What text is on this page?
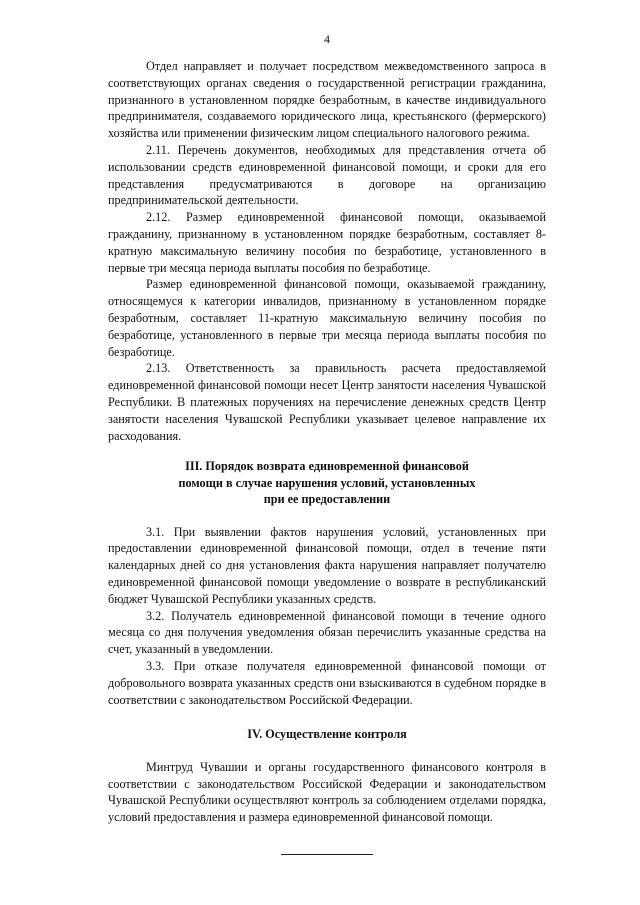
4

Отдел направляет и получает посредством межведомственного запроса в соответствующих органах сведения о государственной регистрации гражданина, признанного в установленном порядке безработным, в качестве индивидуального предпринимателя, создаваемого юридического лица, крестьянского (фермерского) хозяйства или применении физическим лицом специального налогового режима.

2.11. Перечень документов, необходимых для представления отчета об использовании средств единовременной финансовой помощи, и сроки для его представления предусматриваются в договоре на организацию предпринимательской деятельности.

2.12. Размер единовременной финансовой помощи, оказываемой гражданину, признанному в установленном порядке безработным, составляет 8-кратную максимальную величину пособия по безработице, установленного в первые три месяца периода выплаты пособия по безработице.

Размер единовременной финансовой помощи, оказываемой гражданину, относящемуся к категории инвалидов, признанному в установленном порядке безработным, составляет 11-кратную максимальную величину пособия по безработице, установленного в первые три месяца периода выплаты пособия по безработице.

2.13. Ответственность за правильность расчета предоставляемой единовременной финансовой помощи несет Центр занятости населения Чувашской Республики. В платежных поручениях на перечисление денежных средств Центр занятости населения Чувашской Республики указывает целевое направление их расходования.

III. Порядок возврата единовременной финансовой
помощи в случае нарушения условий, установленных
при ее предоставлении

3.1. При выявлении фактов нарушения условий, установленных при предоставлении единовременной финансовой помощи, отдел в течение пяти календарных дней со дня установления факта нарушения направляет получателю единовременной финансовой помощи уведомление о возврате в республиканский бюджет Чувашской Республики указанных средств.

3.2. Получатель единовременной финансовой помощи в течение одного месяца со дня получения уведомления обязан перечислить указанные средства на счет, указанный в уведомлении.

3.3. При отказе получателя единовременной финансовой помощи от добровольного возврата указанных средств они взыскиваются в судебном порядке в соответствии с законодательством Российской Федерации.

IV. Осуществление контроля

Минтруд Чувашии и органы государственного финансового контроля в соответствии с законодательством Российской Федерации и законодательством Чувашской Республики осуществляют контроль за соблюдением отделами порядка, условий предоставления и размера единовременной финансовой помощи.
